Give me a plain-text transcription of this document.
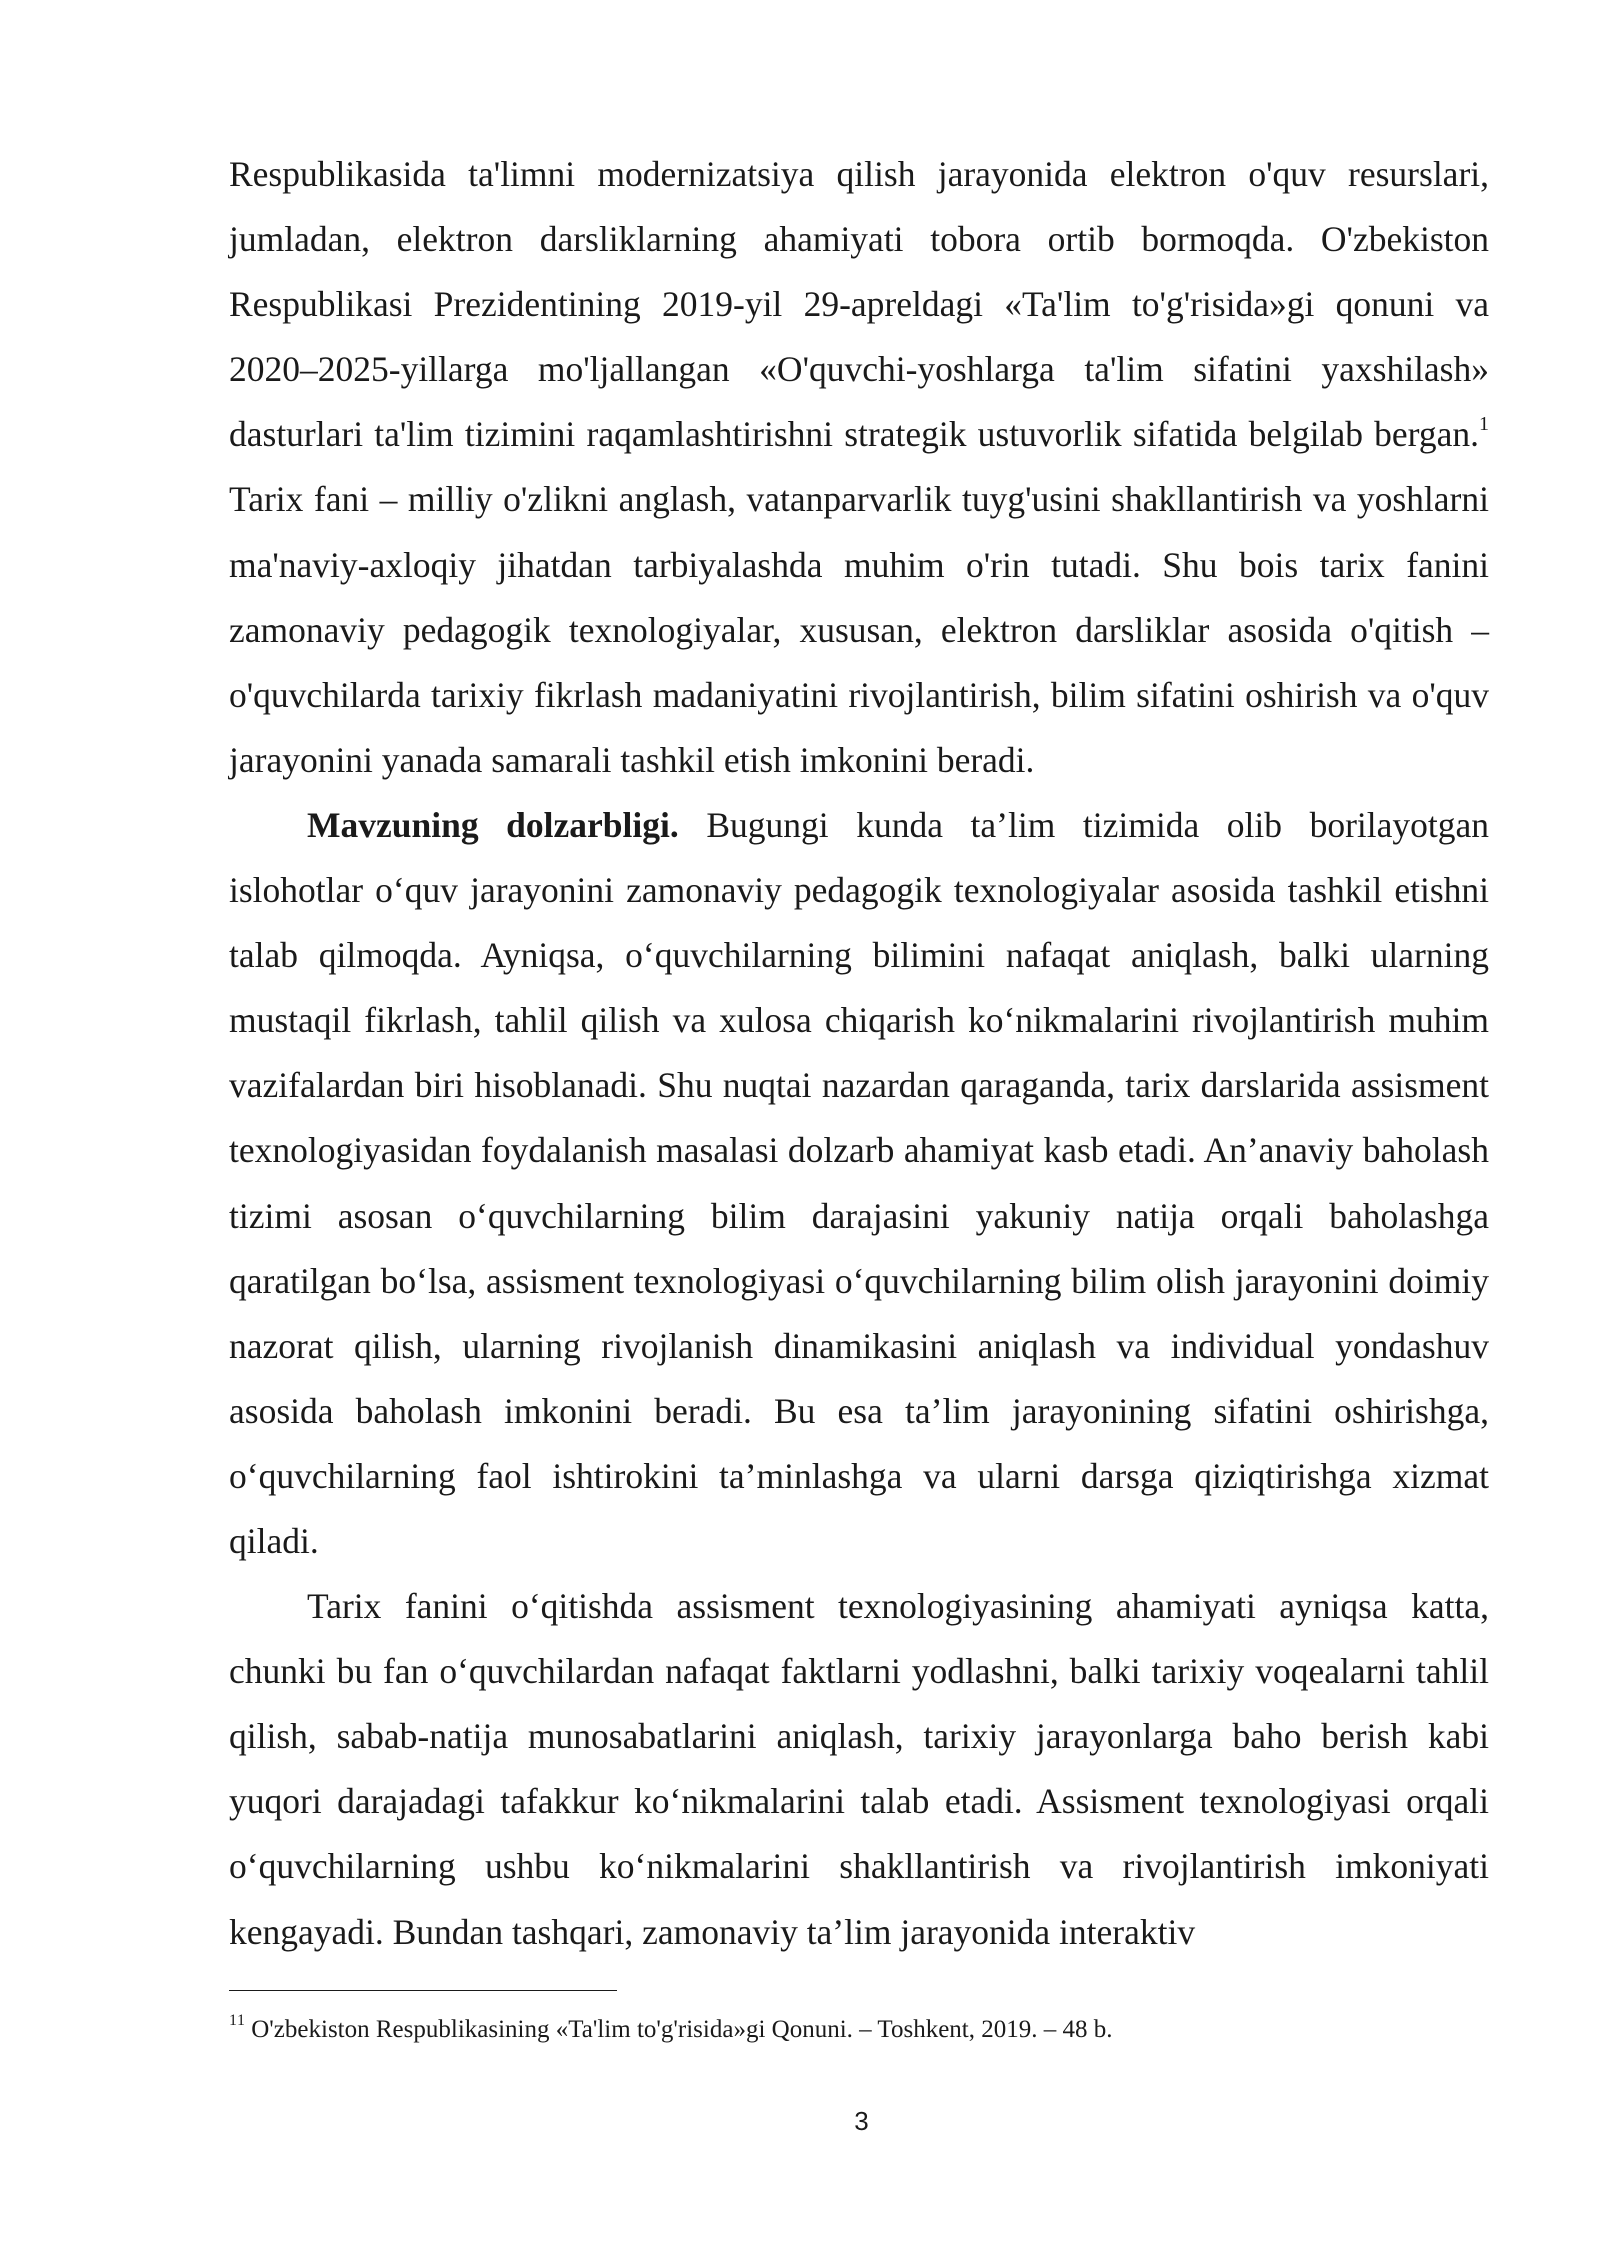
Respublikasida ta'limni modernizatsiya qilish jarayonida elektron o'quv resurslari, jumladan, elektron darsliklarning ahamiyati tobora ortib bormoqda. O'zbekiston Respublikasi Prezidentining 2019-yil 29-apreldagi «Ta'lim to'g'risida»gi qonuni va 2020–2025-yillarga mo'ljallangan «O'quvchi-yoshlarga ta'lim sifatini yaxshilash» dasturlari ta'lim tizimini raqamlashtirishni strategik ustuvorlik sifatida belgilab bergan.$^1$ Tarix fani – milliy o'zlikni anglash, vatanparvarlik tuyg'usini shakllantirish va yoshlarni ma'naviy-axloqiy jihatdan tarbiyalashda muhim o'rin tutadi. Shu bois tarix fanini zamonaviy pedagogik texnologiyalar, xususan, elektron darsliklar asosida o'qitish – o'quvchilarda tarixiy fikrlash madaniyatini rivojlantirish, bilim sifatini oshirish va o'quv jarayonini yanada samarali tashkil etish imkonini beradi.

Mavzuning dolzarbligi. Bugungi kunda ta’lim tizimida olib borilayotgan islohotlar o‘quv jarayonini zamonaviy pedagogik texnologiyalar asosida tashkil etishni talab qilmoqda. Ayniqsa, o‘quvchilarning bilimini nafaqat aniqlash, balki ularning mustaqil fikrlash, tahlil qilish va xulosa chiqarish ko‘nikmalarini rivojlantirish muhim vazifalardan biri hisoblanadi. Shu nuqtai nazardan qaraganda, tarix darslarida assisment texnologiyasidan foydalanish masalasi dolzarb ahamiyat kasb etadi. An’anaviy baholash tizimi asosan o‘quvchilarning bilim darajasini yakuniy natija orqali baholashga qaratilgan bo‘lsa, assisment texnologiyasi o‘quvchilarning bilim olish jarayonini doimiy nazorat qilish, ularning rivojlanish dinamikasini aniqlash va individual yondashuv asosida baholash imkonini beradi. Bu esa ta’lim jarayonining sifatini oshirishga, o‘quvchilarning faol ishtirokini ta’minlashga va ularni darsga qiziqtirishga xizmat qiladi.

Tarix fanini o‘qitishda assisment texnologiyasining ahamiyati ayniqsa katta, chunki bu fan o‘quvchilardan nafaqat faktlarni yodlashni, balki tarixiy voqealarni tahlil qilish, sabab-natija munosabatlarini aniqlash, tarixiy jarayonlarga baho berish kabi yuqori darajadagi tafakkur ko‘nikmalarini talab etadi. Assisment texnologiyasi orqali o‘quvchilarning ushbu ko‘nikmalarini shakllantirish va rivojlantirish imkoniyati kengayadi. Bundan tashqari, zamonaviy ta’lim jarayonida interaktiv

$^{11}$ O'zbekiston Respublikasining «Ta'lim to'g'risida»gi Qonuni. – Toshkent, 2019. – 48 b.
3
